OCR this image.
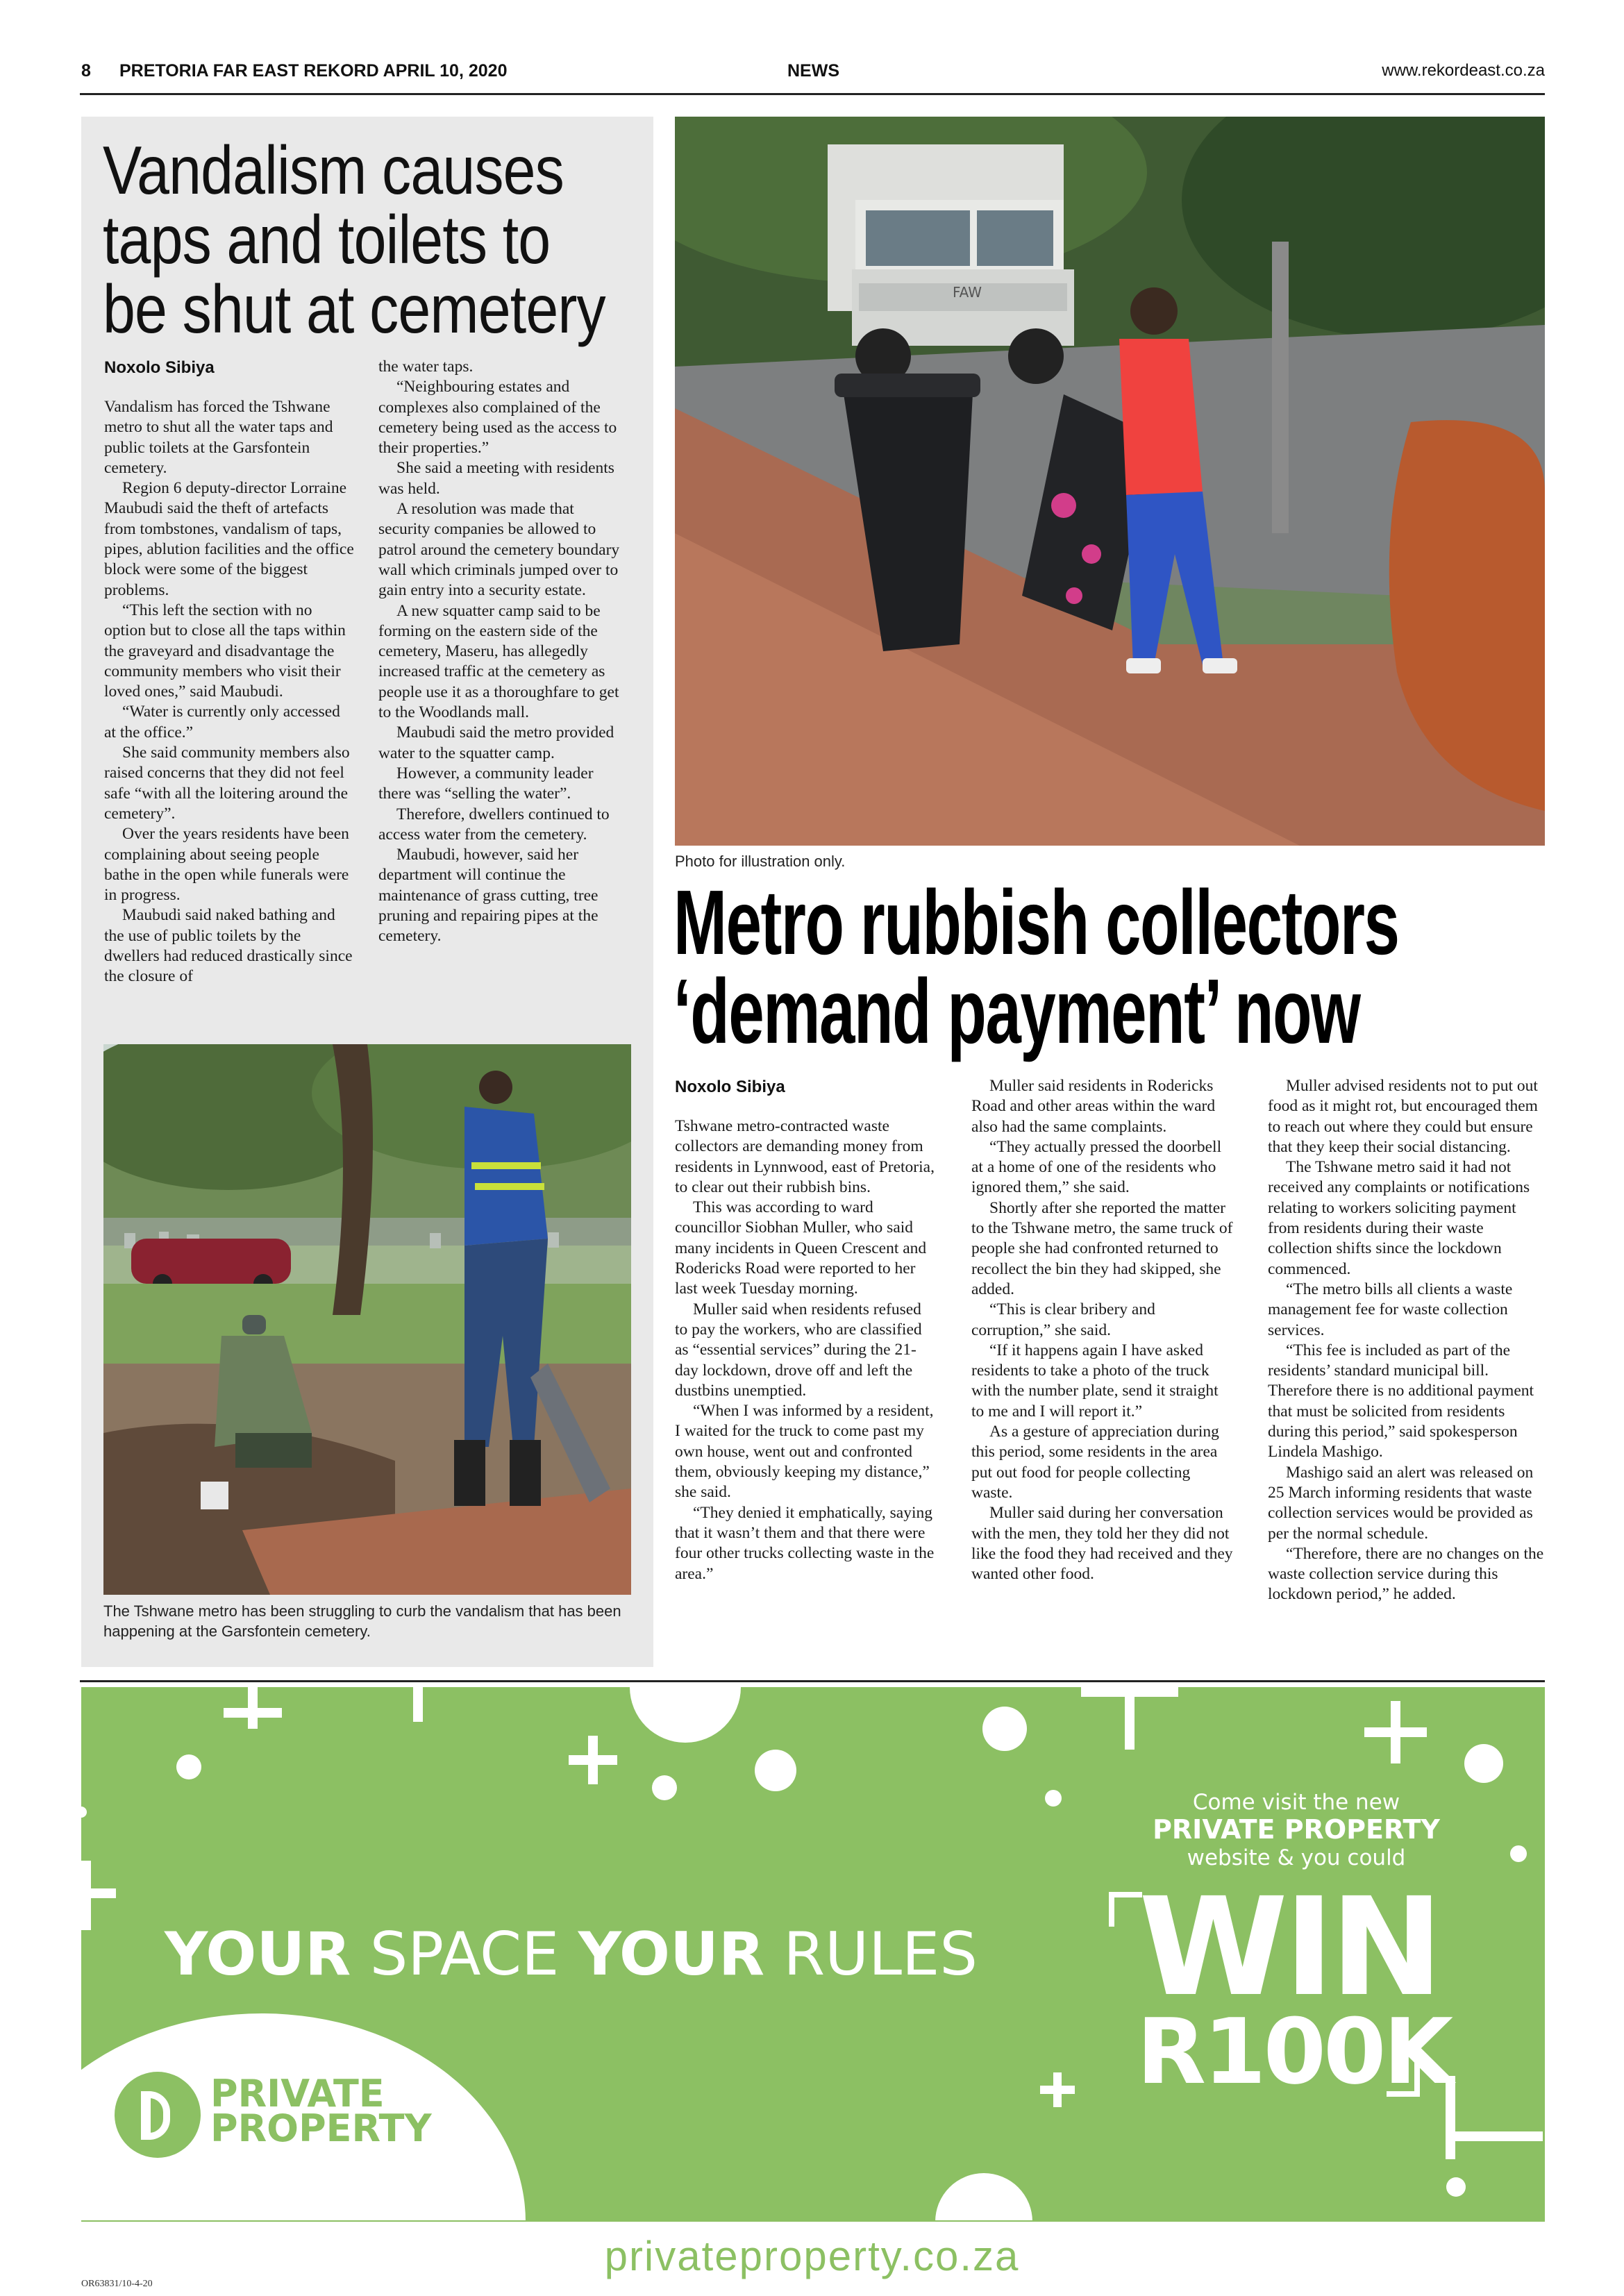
8 PRETORIA FAR EAST REKORD APRIL 10, 2020	NEWS	www.rekordeast.co.za
Vandalism causes
taps and toilets to
be shut at cemetery
Noxolo Sibiya

Vandalism has forced the Tshwane metro to shut all the water taps and public toilets at the Garsfontein cemetery.

Region 6 deputy-director Lorraine Maubudi said the theft of artefacts from tombstones, vandalism of taps, pipes, ablution facilities and the office block were some of the biggest problems.

“This left the section with no option but to close all the taps within the graveyard and disadvantage the community members who visit their loved ones,” said Maubudi.

“Water is currently only accessed at the office.”

She said community members also raised concerns that they did not feel safe “with all the loitering around the cemetery”.

Over the years residents have been complaining about seeing people bathe in the open while funerals were in progress.

Maubudi said naked bathing and the use of public toilets by the dwellers had reduced drastically since the closure of

the water taps.

“Neighbouring estates and complexes also complained of the cemetery being used as the access to their properties.”

She said a meeting with residents was held.

A resolution was made that security companies be allowed to patrol around the cemetery boundary wall which criminals jumped over to gain entry into a security estate.

A new squatter camp said to be forming on the eastern side of the cemetery, Maseru, has allegedly increased traffic at the cemetery as people use it as a thoroughfare to get to the Woodlands mall.

Maubudi said the metro provided water to the squatter camp.

However, a community leader there was “selling the water”.

Therefore, dwellers continued to access water from the cemetery.

Maubudi, however, said her department will continue the maintenance of grass cutting, tree pruning and repairing pipes at the cemetery.

The Tshwane metro has been struggling to curb the vandalism that has been happening at the Garsfontein cemetery.
FAW
Photo for illustration only.
Metro rubbish collectors
‘demand payment’ now
Noxolo Sibiya

Tshwane metro-contracted waste collectors are demanding money from residents in Lynnwood, east of Pretoria, to clear out their rubbish bins.

This was according to ward councillor Siobhan Muller, who said many incidents in Queen Crescent and Rodericks Road were reported to her last week Tuesday morning.

Muller said when residents refused to pay the workers, who are classified as “essential services” during the 21-day lockdown, drove off and left the dustbins unemptied.

“When I was informed by a resident, I waited for the truck to come past my own house, went out and confronted them, obviously keeping my distance,” she said.

“They denied it emphatically, saying that it wasn’t them and that there were four other trucks collecting waste in the area.”

Muller said residents in Rodericks Road and other areas within the ward also had the same complaints.

“They actually pressed the doorbell at a home of one of the residents who ignored them,” she said.

Shortly after she reported the matter to the Tshwane metro, the same truck of people she had confronted returned to recollect the bin they had skipped, she added.

“This is clear bribery and corruption,” she said.

“If it happens again I have asked residents to take a photo of the truck with the number plate, send it straight to me and I will report it.”

As a gesture of appreciation during this period, some residents in the area put out food for people collecting waste.

Muller said during her conversation with the men, they told her they did not like the food they had received and they wanted other food.

Muller advised residents not to put out food as it might rot, but encouraged them to reach out where they could but ensure that they keep their social distancing.

The Tshwane metro said it had not received any complaints or notifications relating to workers soliciting payment from residents during their waste collection shifts since the lockdown commenced.

“The metro bills all clients a waste management fee for waste collection services.

“This fee is included as part of the residents’ standard municipal bill. Therefore there is no additional payment that must be solicited from residents during this period,” said spokesperson Lindela Mashigo.

Mashigo said an alert was released on 25 March informing residents that waste collection services would be provided as per the normal schedule.

“Therefore, there are no changes on the waste collection service during this lockdown period,” he added.

Come visit the new
PRIVATE PROPERTY
website & you could
YOUR SPACE YOUR RULES WIN
R100K
PRIVATE
PROPERTY
privateproperty.co.za
OR63831/10-4-20
